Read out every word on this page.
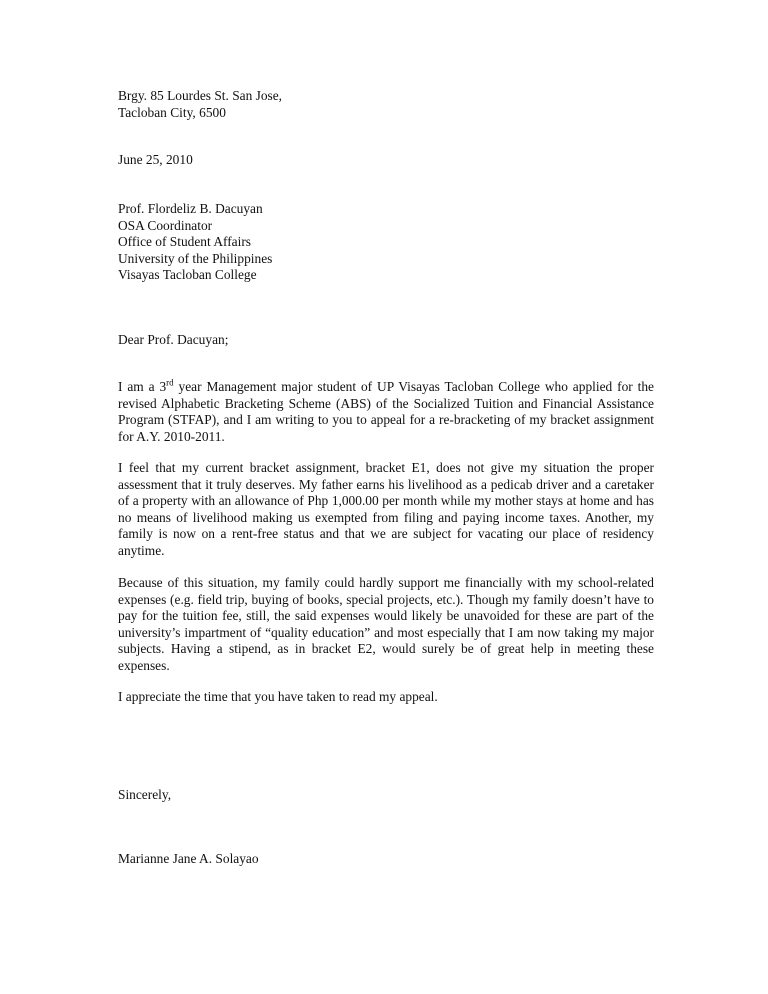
Brgy. 85 Lourdes St. San Jose,
Tacloban City, 6500
June 25, 2010
Prof. Flordeliz B. Dacuyan
OSA Coordinator
Office of Student Affairs
University of the Philippines
Visayas Tacloban College
Dear Prof. Dacuyan;

I am a 3rd year Management major student of UP Visayas Tacloban College who applied for the revised Alphabetic Bracketing Scheme (ABS) of the Socialized Tuition and Financial Assistance Program (STFAP), and I am writing to you to appeal for a re-bracketing of my bracket assignment for A.Y. 2010-2011.

I feel that my current bracket assignment, bracket E1, does not give my situation the proper assessment that it truly deserves. My father earns his livelihood as a pedicab driver and a caretaker of a property with an allowance of Php 1,000.00 per month while my mother stays at home and has no means of livelihood making us exempted from filing and paying income taxes. Another, my family is now on a rent-free status and that we are subject for vacating our place of residency anytime.

Because of this situation, my family could hardly support me financially with my school-related expenses (e.g. field trip, buying of books, special projects, etc.). Though my family doesn’t have to pay for the tuition fee, still, the said expenses would likely be unavoided for these are part of the university’s impartment of “quality education” and most especially that I am now taking my major subjects. Having a stipend, as in bracket E2, would surely be of great help in meeting these expenses.

I appreciate the time that you have taken to read my appeal.

Sincerely,
Marianne Jane A. Solayao
